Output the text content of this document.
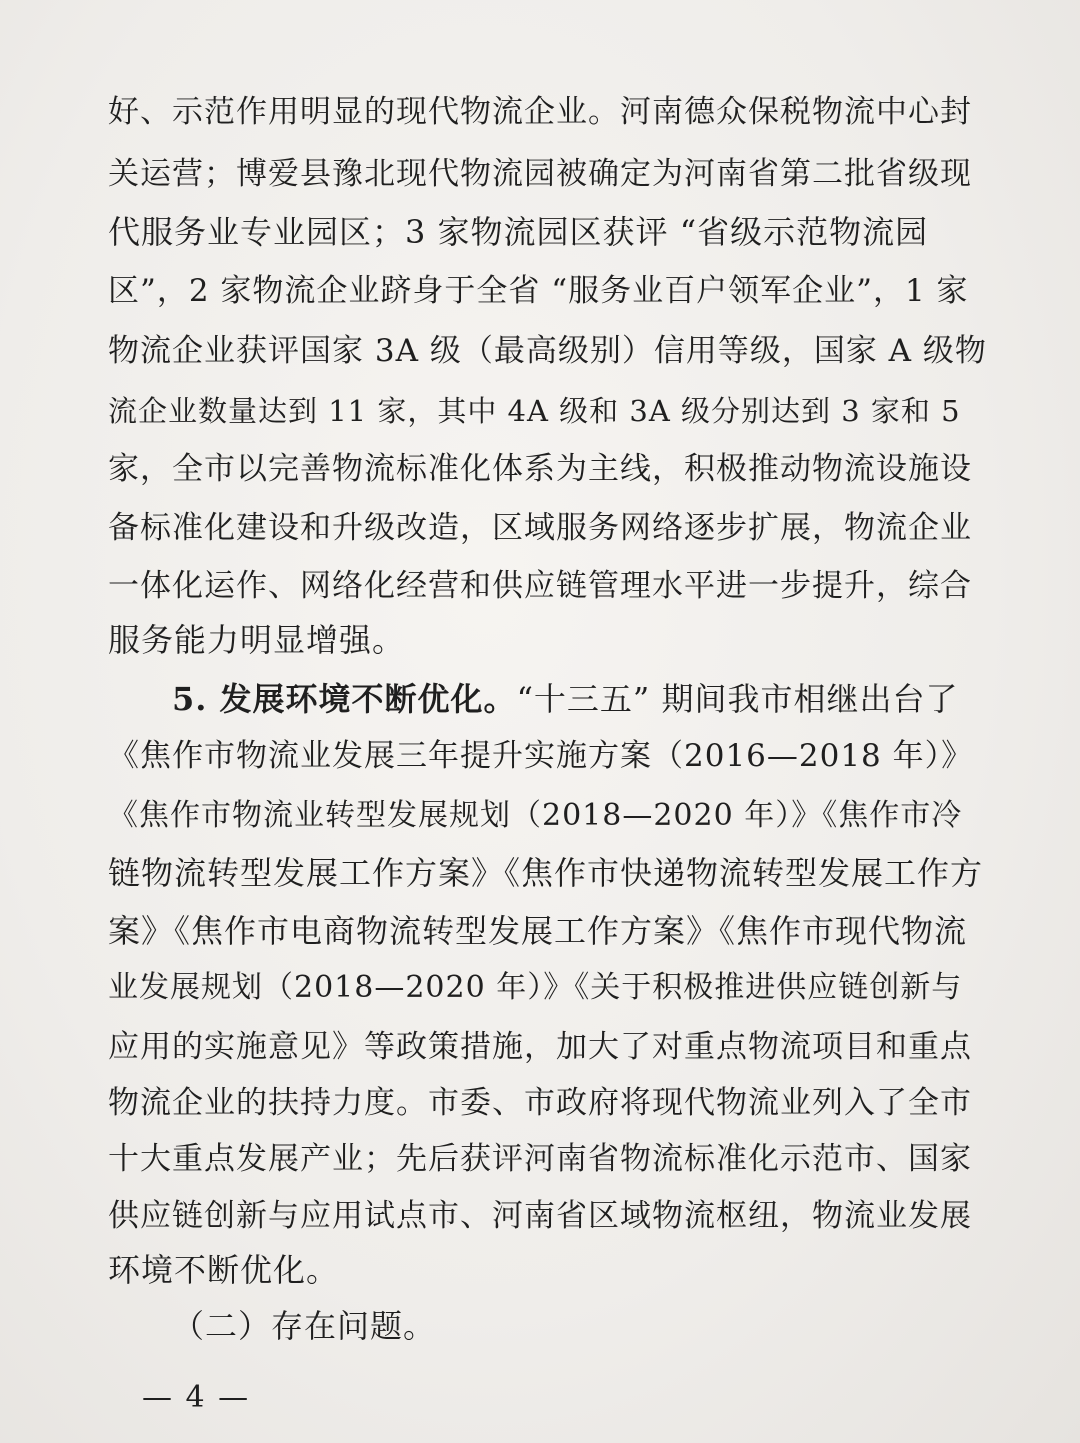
好、示范作用明显的现代物流企业。河南德众保税物流中心封
关运营；博爱县豫北现代物流园被确定为河南省第二批省级现
代服务业专业园区；3 家物流园区获评 “省级示范物流园
区”，2 家物流企业跻身于全省 “服务业百户领军企业”，1 家
物流企业获评国家 3A 级（最高级别）信用等级，国家 A 级物
流企业数量达到 11 家，其中 4A 级和 3A 级分别达到 3 家和 5
家，全市以完善物流标准化体系为主线，积极推动物流设施设
备标准化建设和升级改造，区域服务网络逐步扩展，物流企业
一体化运作、网络化经营和供应链管理水平进一步提升，综合
服务能力明显增强。
5. 发展环境不断优化。“十三五” 期间我市相继出台了
《焦作市物流业发展三年提升实施方案（2016—2018 年）》
《焦作市物流业转型发展规划（2018—2020 年）》《焦作市冷
链物流转型发展工作方案》《焦作市快递物流转型发展工作方
案》《焦作市电商物流转型发展工作方案》《焦作市现代物流
业发展规划（2018—2020 年）》《关于积极推进供应链创新与
应用的实施意见》等政策措施，加大了对重点物流项目和重点
物流企业的扶持力度。市委、市政府将现代物流业列入了全市
十大重点发展产业；先后获评河南省物流标准化示范市、国家
供应链创新与应用试点市、河南省区域物流枢纽，物流业发展
环境不断优化。
（二）存在问题。
— 4 —
